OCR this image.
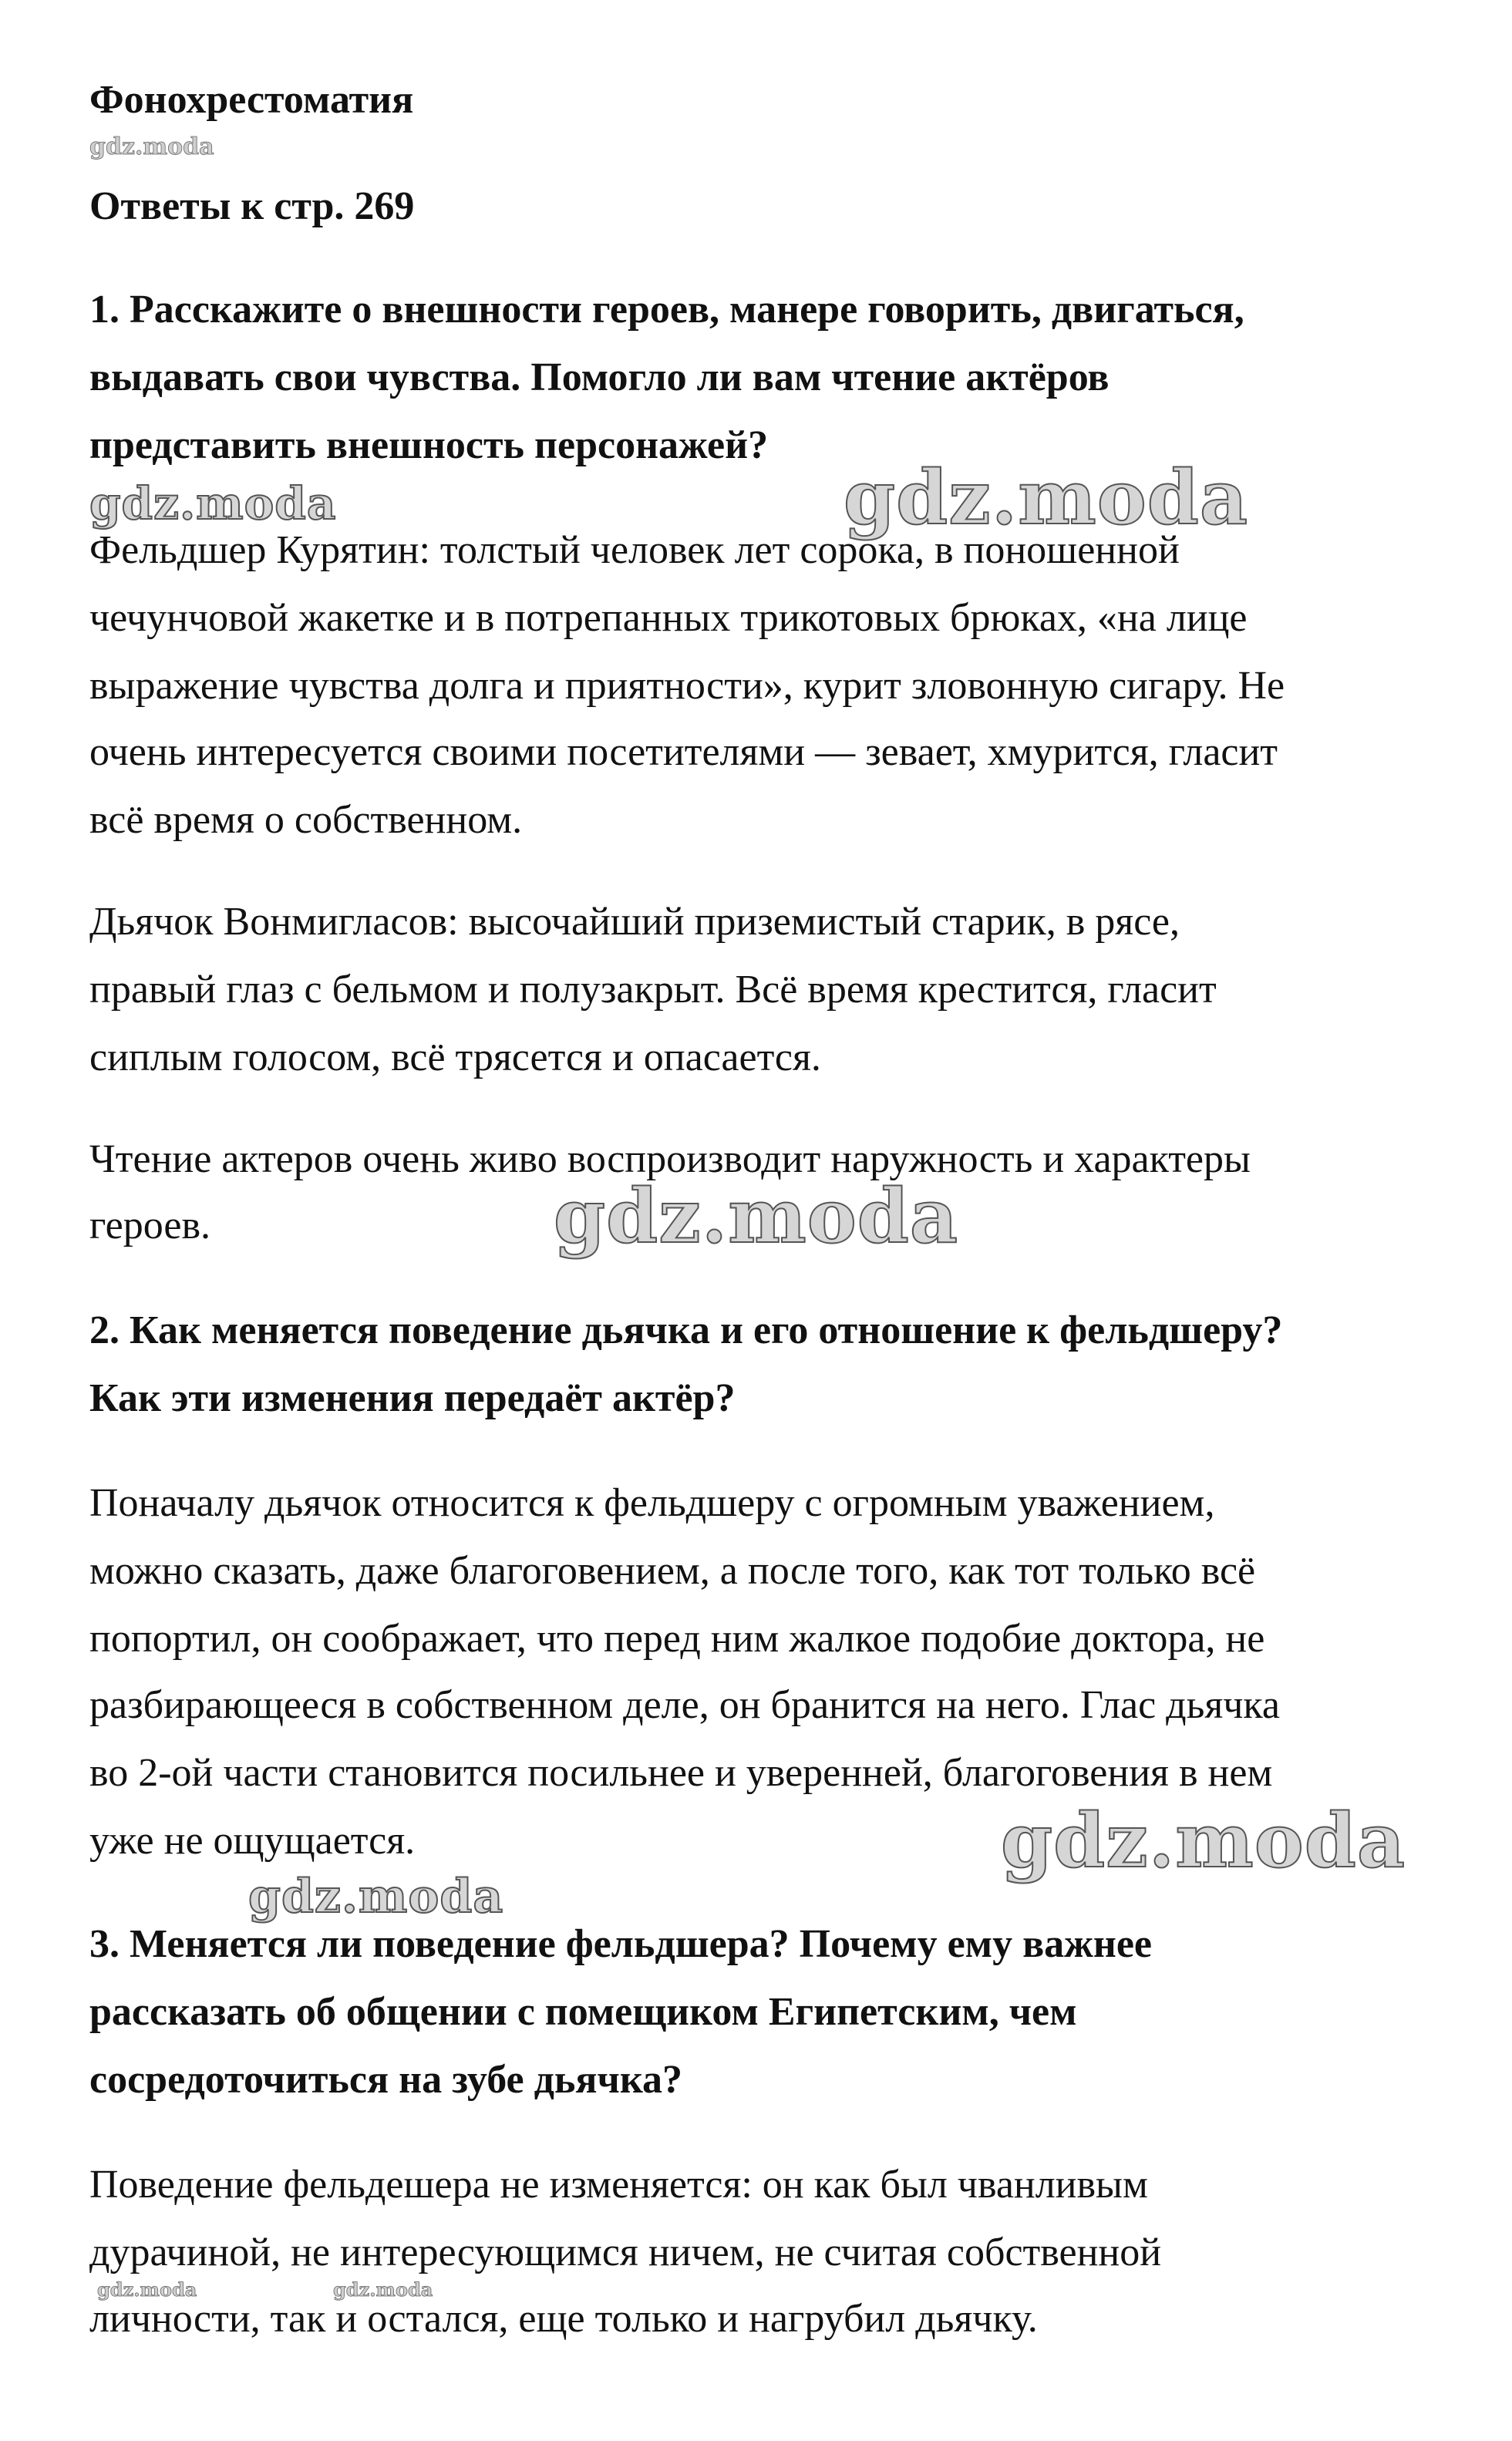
Фонохрестоматия
Ответы к стр. 269
1. Расскажите о внешности героев, манере говорить, двигаться,
выдавать свои чувства. Помогло ли вам чтение актёров
представить внешность персонажей?
Фельдшер Курятин: толстый человек лет сорока, в поношенной
чечунчовой жакетке и в потрепанных трикотовых брюках, «на лице
выражение чувства долга и приятности», курит зловонную сигару. Не
очень интересуется своими посетителями — зевает, хмурится, гласит
всё время о собственном.
Дьячок Вонмигласов: высочайший приземистый старик, в рясе,
правый глаз с бельмом и полузакрыт. Всё время крестится, гласит
сиплым голосом, всё трясется и опасается.
Чтение актеров очень живо воспроизводит наружность и характеры
героев.
2. Как меняется поведение дьячка и его отношение к фельдшеру?
Как эти изменения передаёт актёр?
Поначалу дьячок относится к фельдшеру с огромным уважением,
можно сказать, даже благоговением, а после того, как тот только всё
попортил, он соображает, что перед ним жалкое подобие доктора, не
разбирающееся в собственном деле, он бранится на него. Глас дьячка
во 2-ой части становится посильнее и уверенней, благоговения в нем
уже не ощущается.
3. Меняется ли поведение фельдшера? Почему ему важнее
рассказать об общении с помещиком Египетским, чем
сосредоточиться на зубе дьячка?
Поведение фельдешера не изменяется: он как был чванливым
дурачиной, не интересующимся ничем, не считая собственной
личности, так и остался, еще только и нагрубил дьячку.
gdz.moda
gdz.moda	gdz.moda
gdz.moda
gdz.moda
gdz.moda
gdz.moda	gdz.moda
